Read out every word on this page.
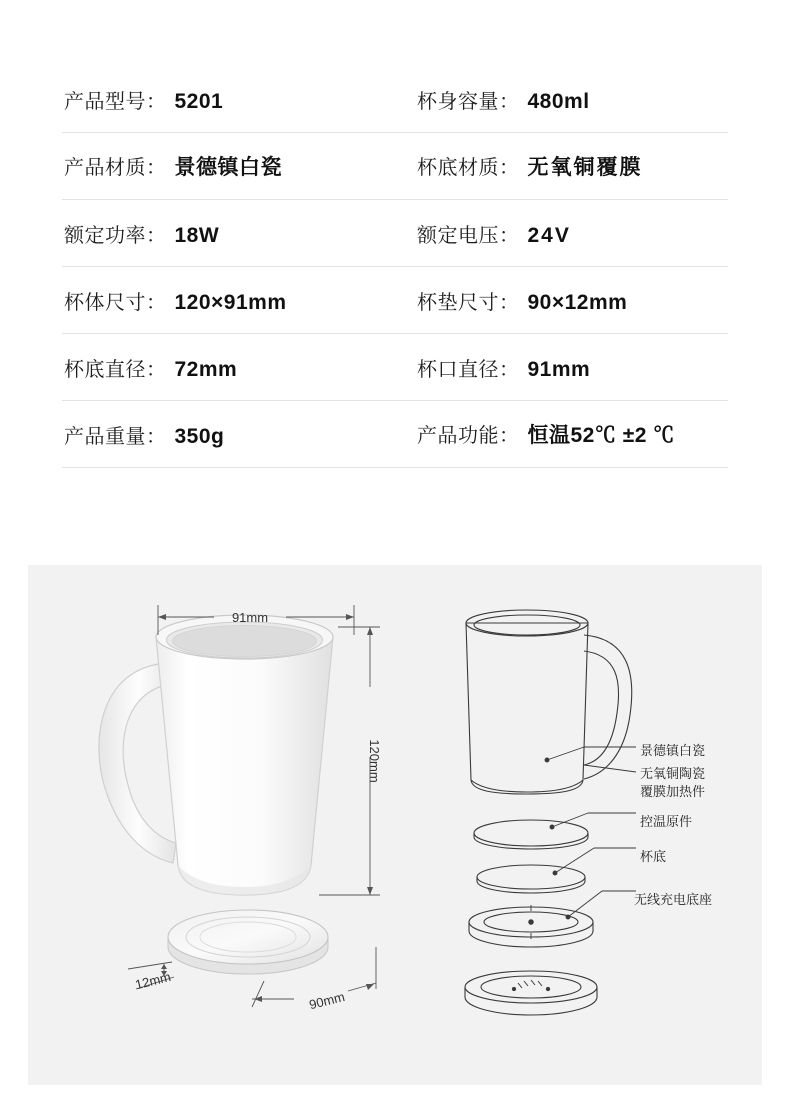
产品型号： 5201	杯身容量： 480ml
产品材质： 景德镇白瓷	杯底材质： 无氧铜覆膜
额定功率： 18W	额定电压： 24V
杯体尺寸： 120×91mm	杯垫尺寸： 90×12mm
杯底直径： 72mm	杯口直径： 91mm
产品重量： 350g	产品功能： 恒温52℃ ±2 ℃
91mm
120mm
12mm
90mm
景德镇白瓷
无氧铜陶瓷
覆膜加热件
控温原件
杯底
无线充电底座
